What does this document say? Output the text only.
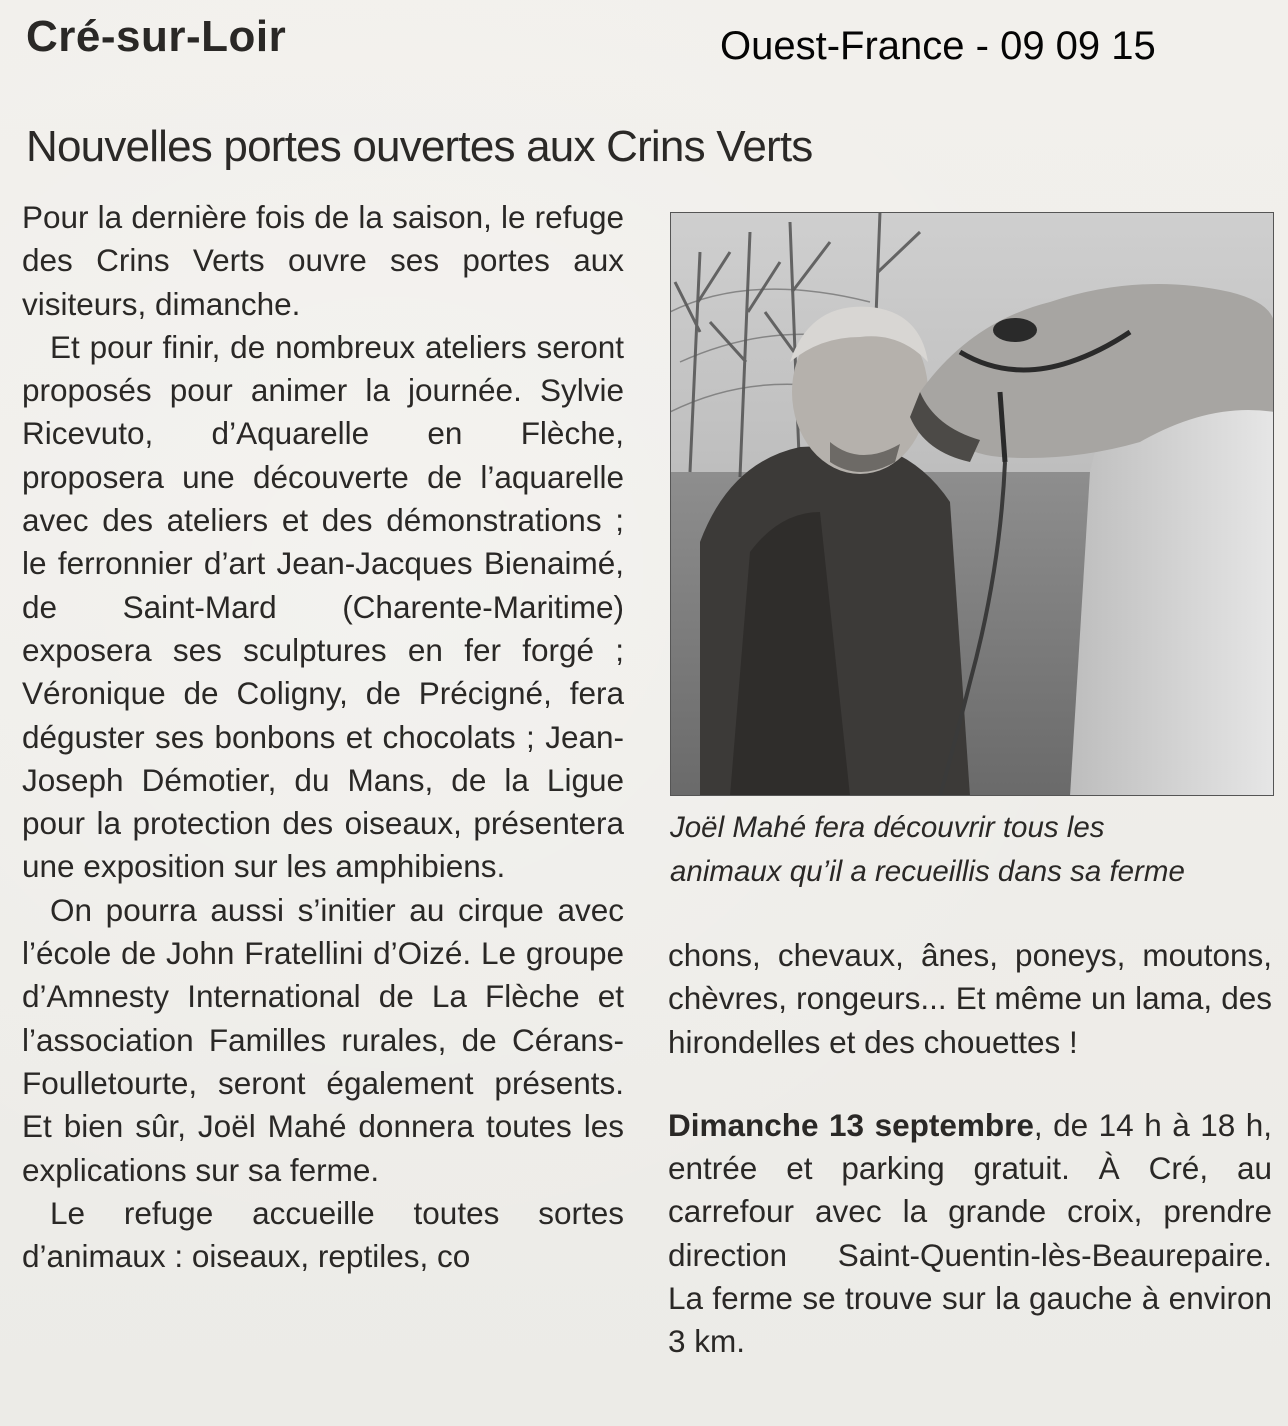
Cré-sur-Loir	Ouest-France - 09 09 15
Nouvelles portes ouvertes aux Crins Verts

Pour la dernière fois de la saison, le refuge des Crins Verts ouvre ses portes aux visiteurs, dimanche.

Et pour finir, de nombreux ateliers seront proposés pour animer la journée. Sylvie Ricevuto, d’Aquarelle en Flèche, proposera une découverte de l’aquarelle avec des ateliers et des démonstrations ; le ferronnier d’art Jean-Jacques Bienaimé, de Saint-Mard (Charente-Maritime) exposera ses sculptures en fer forgé ; Véronique de Coligny, de Précigné, fera déguster ses bonbons et chocolats ; Jean-Joseph Démotier, du Mans, de la Ligue pour la protection des oiseaux, présentera une exposition sur les amphibiens.

On pourra aussi s’initier au cirque avec l’école de John Fratellini d’Oizé. Le groupe d’Amnesty International de La Flèche et l’association Familles rurales, de Cérans-Foulletourte, seront également présents. Et bien sûr, Joël Mahé donnera toutes les explications sur sa ferme.

Le refuge accueille toutes sortes d’animaux : oiseaux, reptiles, co

Joël Mahé fera découvrir tous les
animaux qu’il a recueillis dans sa ferme

chons, chevaux, ânes, poneys, moutons, chèvres, rongeurs... Et même un lama, des hirondelles et des chouettes !

Dimanche 13 septembre, de 14 h à 18 h, entrée et parking gratuit. À Cré, au carrefour avec la grande croix, prendre direction Saint-Quentin-lès-Beaurepaire. La ferme se trouve sur la gauche à environ 3 km.
